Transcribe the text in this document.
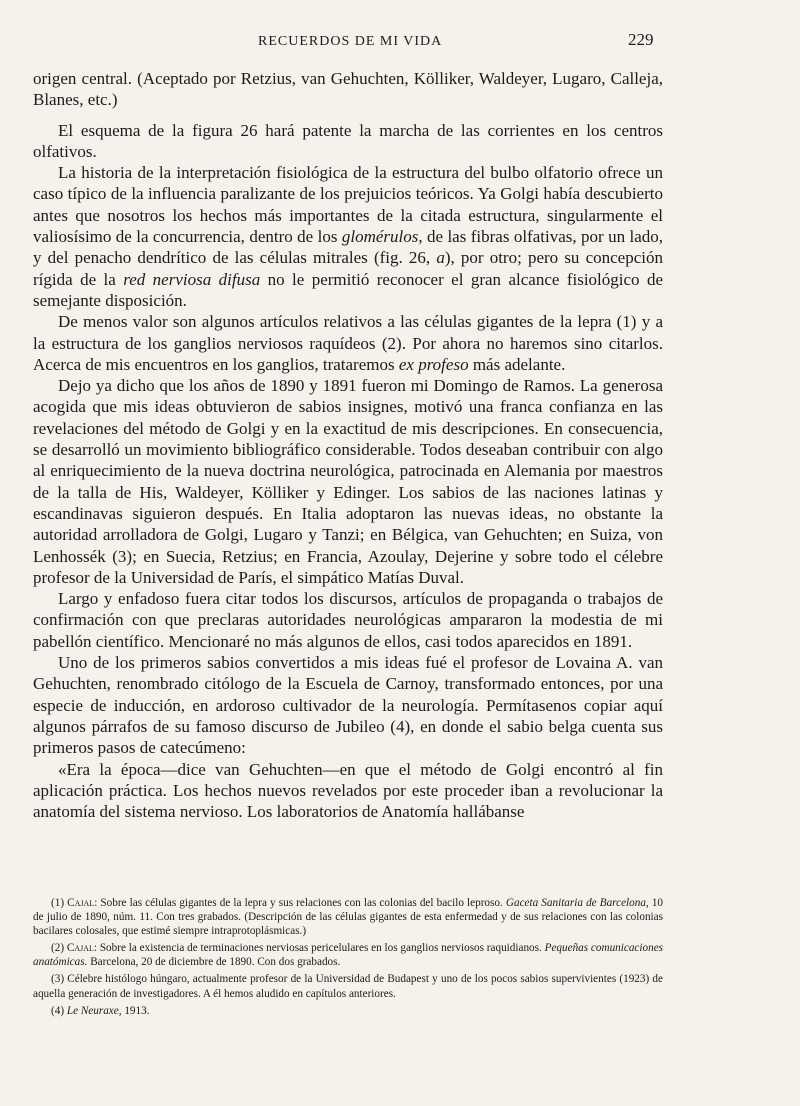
RECUERDOS DE MI VIDA	229

origen central. (Aceptado por Retzius, van Gehuchten, Kölliker, Waldeyer, Lugaro, Calleja, Blanes, etc.)

El esquema de la figura 26 hará patente la marcha de las corrientes en los centros olfativos.

La historia de la interpretación fisiológica de la estructura del bulbo olfatorio ofrece un caso típico de la influencia paralizante de los prejuicios teóricos. Ya Golgi había descubierto antes que nosotros los hechos más importantes de la citada estructura, singularmente el valiosísimo de la concurrencia, dentro de los glomérulos, de las fibras olfativas, por un lado, y del penacho dendrítico de las células mitrales (fig. 26, a), por otro; pero su concepción rígida de la red nerviosa difusa no le permitió reconocer el gran alcance fisiológico de semejante disposición.

De menos valor son algunos artículos relativos a las células gigantes de la lepra (1) y a la estructura de los ganglios nerviosos raquídeos (2). Por ahora no haremos sino citarlos. Acerca de mis encuentros en los ganglios, trataremos ex profeso más adelante.

Dejo ya dicho que los años de 1890 y 1891 fueron mi Domingo de Ramos. La generosa acogida que mis ideas obtuvieron de sabios insignes, motivó una franca confianza en las revelaciones del método de Golgi y en la exactitud de mis descripciones. En consecuencia, se desarrolló un movimiento bibliográfico considerable. Todos deseaban contribuir con algo al enriquecimiento de la nueva doctrina neurológica, patrocinada en Alemania por maestros de la talla de His, Waldeyer, Kölliker y Edinger. Los sabios de las naciones latinas y escandinavas siguieron después. En Italia adoptaron las nuevas ideas, no obstante la autoridad arrolladora de Golgi, Lugaro y Tanzi; en Bélgica, van Gehuchten; en Suiza, von Lenhossék (3); en Suecia, Retzius; en Francia, Azoulay, Dejerine y sobre todo el célebre profesor de la Universidad de París, el simpático Matías Duval.

Largo y enfadoso fuera citar todos los discursos, artículos de propaganda o trabajos de confirmación con que preclaras autoridades neurológicas ampararon la modestia de mi pabellón científico. Mencionaré no más algunos de ellos, casi todos aparecidos en 1891.

Uno de los primeros sabios convertidos a mis ideas fué el profesor de Lovaina A. van Gehuchten, renombrado citólogo de la Escuela de Carnoy, transformado entonces, por una especie de inducción, en ardoroso cultivador de la neurología. Permítasenos copiar aquí algunos párrafos de su famoso discurso de Jubileo (4), en donde el sabio belga cuenta sus primeros pasos de catecúmeno:

«Era la época—dice van Gehuchten—en que el método de Golgi encontró al fin aplicación práctica. Los hechos nuevos revelados por este proceder iban a revolucionar la anatomía del sistema nervioso. Los laboratorios de Anatomía hallábanse

(1) Cajal: Sobre las células gigantes de la lepra y sus relaciones con las colonias del bacilo leproso. Gaceta Sanitaria de Barcelona, 10 de julio de 1890, núm. 11. Con tres grabados. (Descripción de las células gigantes de esta enfermedad y de sus relaciones con las colonias bacilares colosales, que estimé siempre intraprotoplásmicas.)

(2) Cajal: Sobre la existencia de terminaciones nerviosas pericelulares en los ganglios nerviosos raquidianos. Pequeñas comunicaciones anatómicas. Barcelona, 20 de diciembre de 1890. Con dos grabados.

(3) Célebre histólogo húngaro, actualmente profesor de la Universidad de Budapest y uno de los pocos sabios supervivientes (1923) de aquella generación de investigadores. A él hemos aludido en capítulos anteriores.

(4) Le Neuraxe, 1913.
